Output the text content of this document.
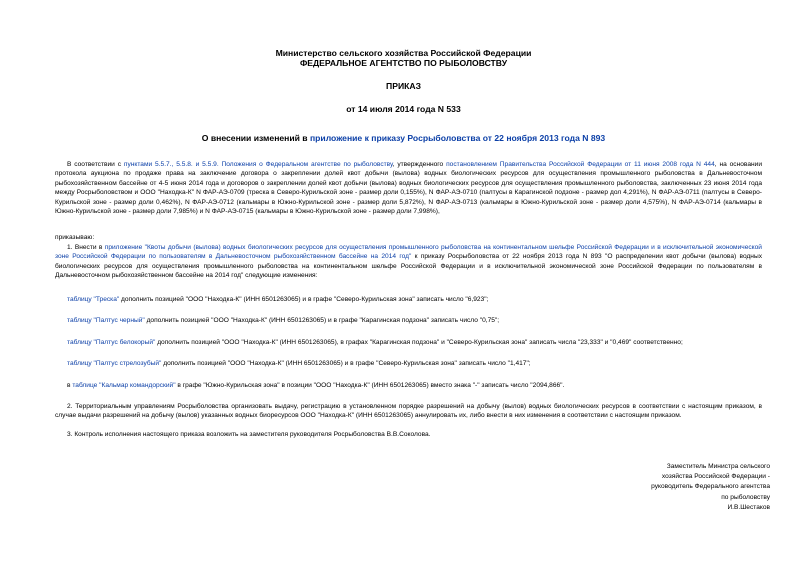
Министерство сельского хозяйства Российской Федерации
ФЕДЕРАЛЬНОЕ АГЕНТСТВО ПО РЫБОЛОВСТВУ
ПРИКАЗ
от 14 июля 2014 года N 533
О внесении изменений в приложение к приказу Росрыболовства от 22 ноября 2013 года N 893
В соответствии с пунктами 5.5.7., 5.5.8. и 5.5.9. Положения о Федеральном агентстве по рыболовству, утвержденного постановлением Правительства Российской Федерации от 11 июня 2008 года N 444, на основании протокола аукциона по продаже права на заключение договора о закреплении долей квот добычи (вылова) водных биологических ресурсов для осуществления промышленного рыболовства в Дальневосточном рыбохозяйственном бассейне от 4-5 июня 2014 года и договоров о закреплении долей квот добычи (вылова) водных биологических ресурсов для осуществления промышленного рыболовства, заключенных 23 июня 2014 года между Росрыболовством и ООО "Находка-К" N ФАР-АЭ-0709 (треска в Северо-Курильской зоне - размер доли 0,155%), N ФАР-АЭ-0710 (палтусы в Карагинской подзоне - размер дол 4,291%), N ФАР-АЭ-0711 (палтусы в Северо-Курильской зоне - размер доли 0,462%), N ФАР-АЭ-0712 (кальмары в Южно-Курильской зоне - размер доли 5,872%), N ФАР-АЭ-0713 (кальмары в Южно-Курильской зоне - размер доли 4,575%), N ФАР-АЭ-0714 (кальмары в Южно-Курильской зоне - размер доли 7,985%) и N ФАР-АЭ-0715 (кальмары в Южно-Курильской зоне - размер доли 7,998%),
приказываю:
1. Внести в приложение "Квоты добычи (вылова) водных биологических ресурсов для осуществления промышленного рыболовства на континентальном шельфе Российской Федерации и в исключительной экономической зоне Российской Федерации по пользователям в Дальневосточном рыбохозяйственном бассейне на 2014 год" к приказу Росрыболовства от 22 ноября 2013 года N 893 "О распределении квот добычи (вылова) водных биологических ресурсов для осуществления промышленного рыболовства на континентальном шельфе Российской Федерации и в исключительной экономической зоне Российской Федерации по пользователям в Дальневосточном рыбохозяйственном бассейне на 2014 год" следующие изменения:
таблицу "Треска" дополнить позицией "ООО "Находка-К" (ИНН 6501263065) и в графе "Северо-Курильская зона" записать число "6,923";
таблицу "Палтус черный" дополнить позицией "ООО "Находка-К" (ИНН 6501263065) и в графе "Карагинская подзона" записать число "0,75";
таблицу "Палтус белокорый" дополнить позицией "ООО "Находка-К" (ИНН 6501263065), в графах "Карагинская подзона" и "Северо-Курильская зона" записать числа "23,333" и "0,469" соответственно;
таблицу "Палтус стрелозубый" дополнить позицией "ООО "Находка-К" (ИНН 6501263065) и в графе "Северо-Курильская зона" записать число "1,417";
в таблице "Кальмар командорский" в графе "Южно-Курильская зона" в позиции "ООО "Находка-К" (ИНН 6501263065) вместо знака "-" записать число "2094,866".
2. Территориальным управлениям Росрыболовства организовать выдачу, регистрацию в установленном порядке разрешений на добычу (вылов) водных биологических ресурсов в соответствии с настоящим приказом, в случае выдачи разрешений на добычу (вылов) указанных водных биоресурсов ООО "Находка-К" (ИНН 6501263065) аннулировать их, либо внести в них изменения в соответствии с настоящим приказом.
3. Контроль исполнения настоящего приказа возложить на заместителя руководителя Росрыболовства В.В.Соколова.
Заместитель Министра сельского
хозяйства Российской Федерации -
руководитель Федерального агентства
по рыболовству
И.В.Шестаков
